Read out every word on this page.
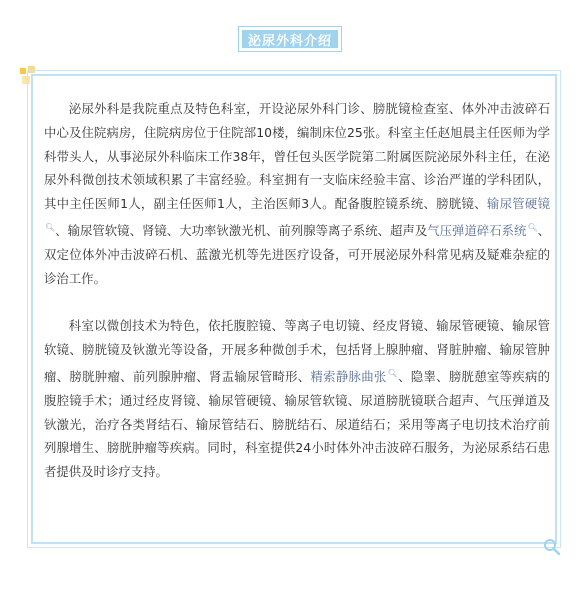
泌尿外科介绍

泌尿外科是我院重点及特色科室，开设泌尿外科门诊、膀胱镜检查室、体外冲击波碎石中心及住院病房，住院病房位于住院部10楼，编制床位25张。科室主任赵旭晨主任医师为学科带头人，从事泌尿外科临床工作38年，曾任包头医学院第二附属医院泌尿外科主任，在泌尿外科微创技术领域积累了丰富经验。科室拥有一支临床经验丰富、诊治严谨的学科团队，其中主任医师1人，副主任医师1人，主治医师3人。配备腹腔镜系统、膀胱镜、输尿管硬镜🔍︎、输尿管软镜、肾镜、大功率钬激光机、前列腺等离子系统、超声及气压弹道碎石系统🔍︎、双定位体外冲击波碎石机、蓝激光机等先进医疗设备，可开展泌尿外科常见病及疑难杂症的诊治工作。

科室以微创技术为特色，依托腹腔镜、等离子电切镜、经皮肾镜、输尿管硬镜、输尿管软镜、膀胱镜及钬激光等设备，开展多种微创手术，包括肾上腺肿瘤、肾脏肿瘤、输尿管肿瘤、膀胱肿瘤、前列腺肿瘤、肾盂输尿管畸形、精索静脉曲张🔍︎、隐睾、膀胱憩室等疾病的腹腔镜手术；通过经皮肾镜、输尿管硬镜、输尿管软镜、尿道膀胱镜联合超声、气压弹道及钬激光，治疗各类肾结石、输尿管结石、膀胱结石、尿道结石；采用等离子电切技术治疗前列腺增生、膀胱肿瘤等疾病。同时，科室提供24小时体外冲击波碎石服务，为泌尿系结石患者提供及时诊疗支持。
